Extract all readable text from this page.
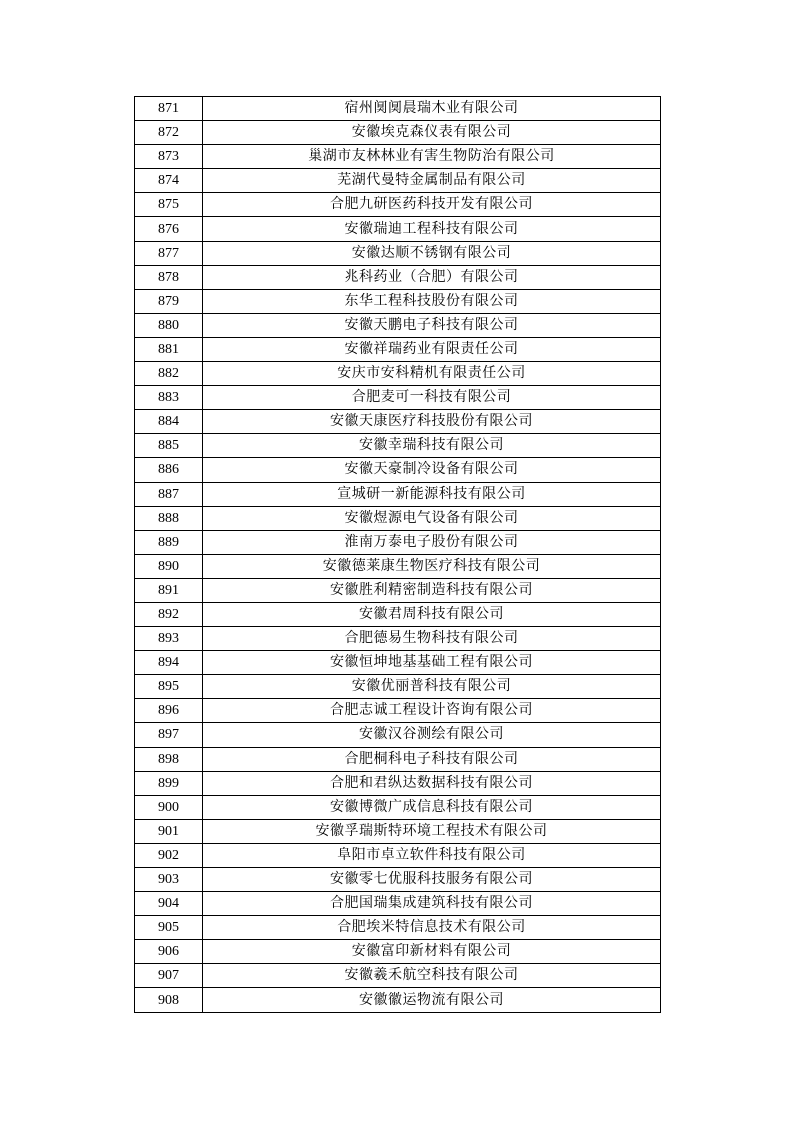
871	宿州阒阒晨瑞木业有限公司
872	安徽埃克森仪表有限公司
873	巢湖市友林林业有害生物防治有限公司
874	芜湖代曼特金属制品有限公司
875	合肥九研医药科技开发有限公司
876	安徽瑞迪工程科技有限公司
877	安徽达顺不锈钢有限公司
878	兆科药业（合肥）有限公司
879	东华工程科技股份有限公司
880	安徽天鹏电子科技有限公司
881	安徽祥瑞药业有限责任公司
882	安庆市安科精机有限责任公司
883	合肥麦可一科技有限公司
884	安徽天康医疗科技股份有限公司
885	安徽幸瑞科技有限公司
886	安徽天豪制冷设备有限公司
887	宣城研一新能源科技有限公司
888	安徽煜源电气设备有限公司
889	淮南万泰电子股份有限公司
890	安徽德莱康生物医疗科技有限公司
891	安徽胜利精密制造科技有限公司
892	安徽君周科技有限公司
893	合肥德易生物科技有限公司
894	安徽恒坤地基基础工程有限公司
895	安徽优丽普科技有限公司
896	合肥志诚工程设计咨询有限公司
897	安徽汉谷测绘有限公司
898	合肥桐科电子科技有限公司
899	合肥和君纵达数据科技有限公司
900	安徽博微广成信息科技有限公司
901	安徽孚瑞斯特环境工程技术有限公司
902	阜阳市卓立软件科技有限公司
903	安徽零七优服科技服务有限公司
904	合肥国瑞集成建筑科技有限公司
905	合肥埃米特信息技术有限公司
906	安徽富印新材料有限公司
907	安徽羲禾航空科技有限公司
908	安徽徽运物流有限公司
